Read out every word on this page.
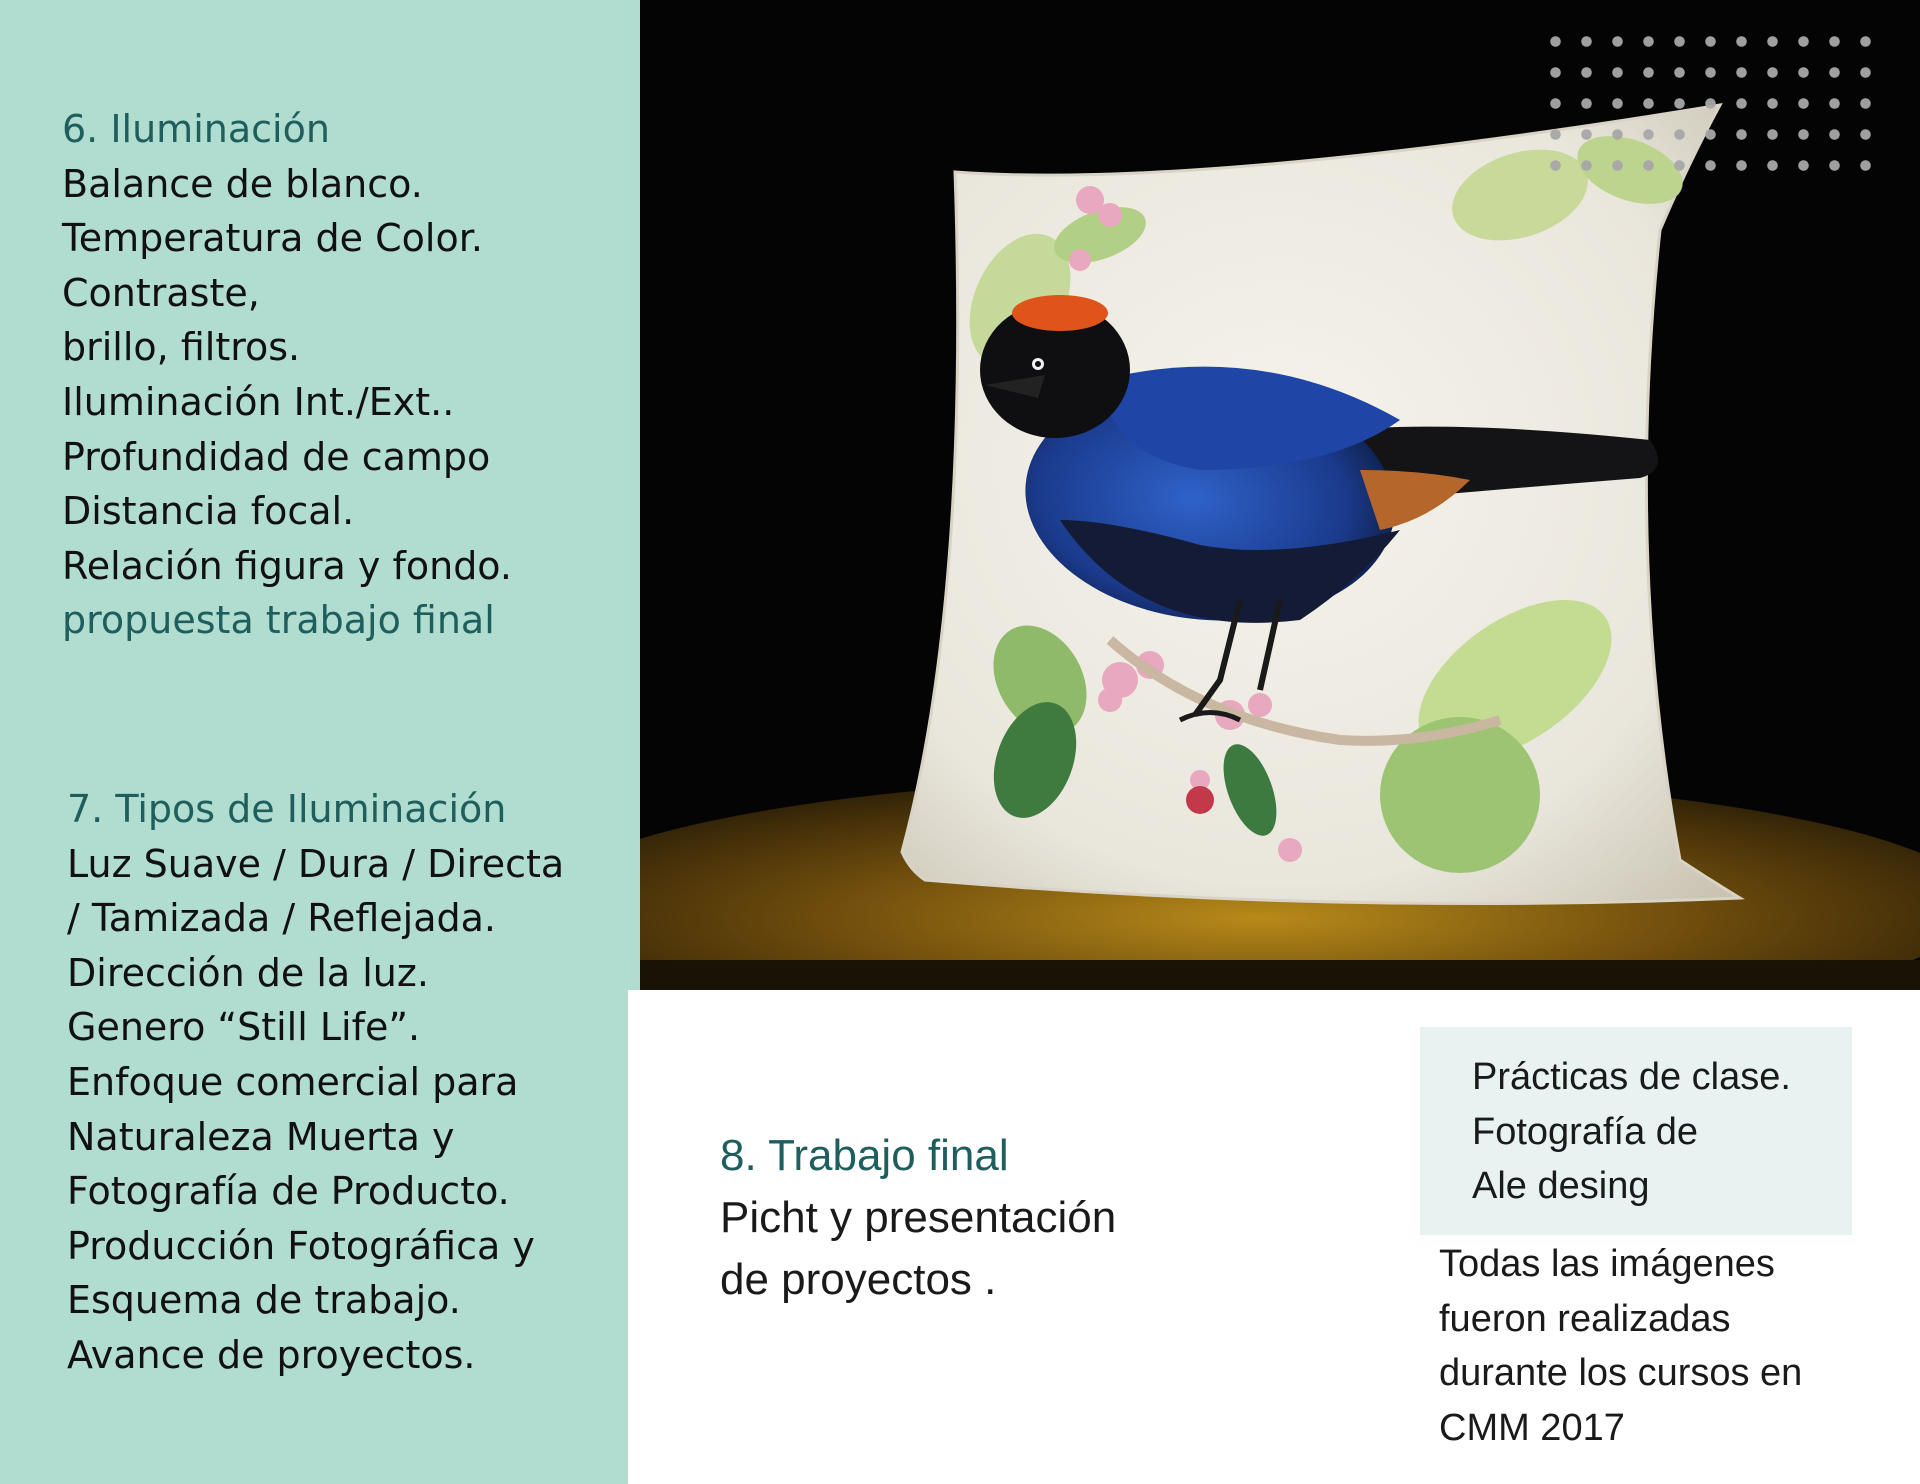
6. Iluminación
Balance de blanco.
Temperatura de Color.
Contraste,
brillo, filtros.
Iluminación Int./Ext..
Profundidad de campo
Distancia focal.
Relación figura y fondo.
propuesta trabajo final
7. Tipos de Iluminación
Luz Suave / Dura / Directa
/ Tamizada / Reflejada.
Dirección de la luz.
Genero “Still Life”.
Enfoque comercial para
Naturaleza Muerta y
Fotografía de Producto.
Producción Fotográfica y
Esquema de trabajo.
Avance de proyectos.
8. Trabajo final
Picht y presentación
de proyectos .
Prácticas de clase.
Fotografía de
Ale desing
Todas las imágenes
fueron realizadas
durante los cursos en
CMM 2017
